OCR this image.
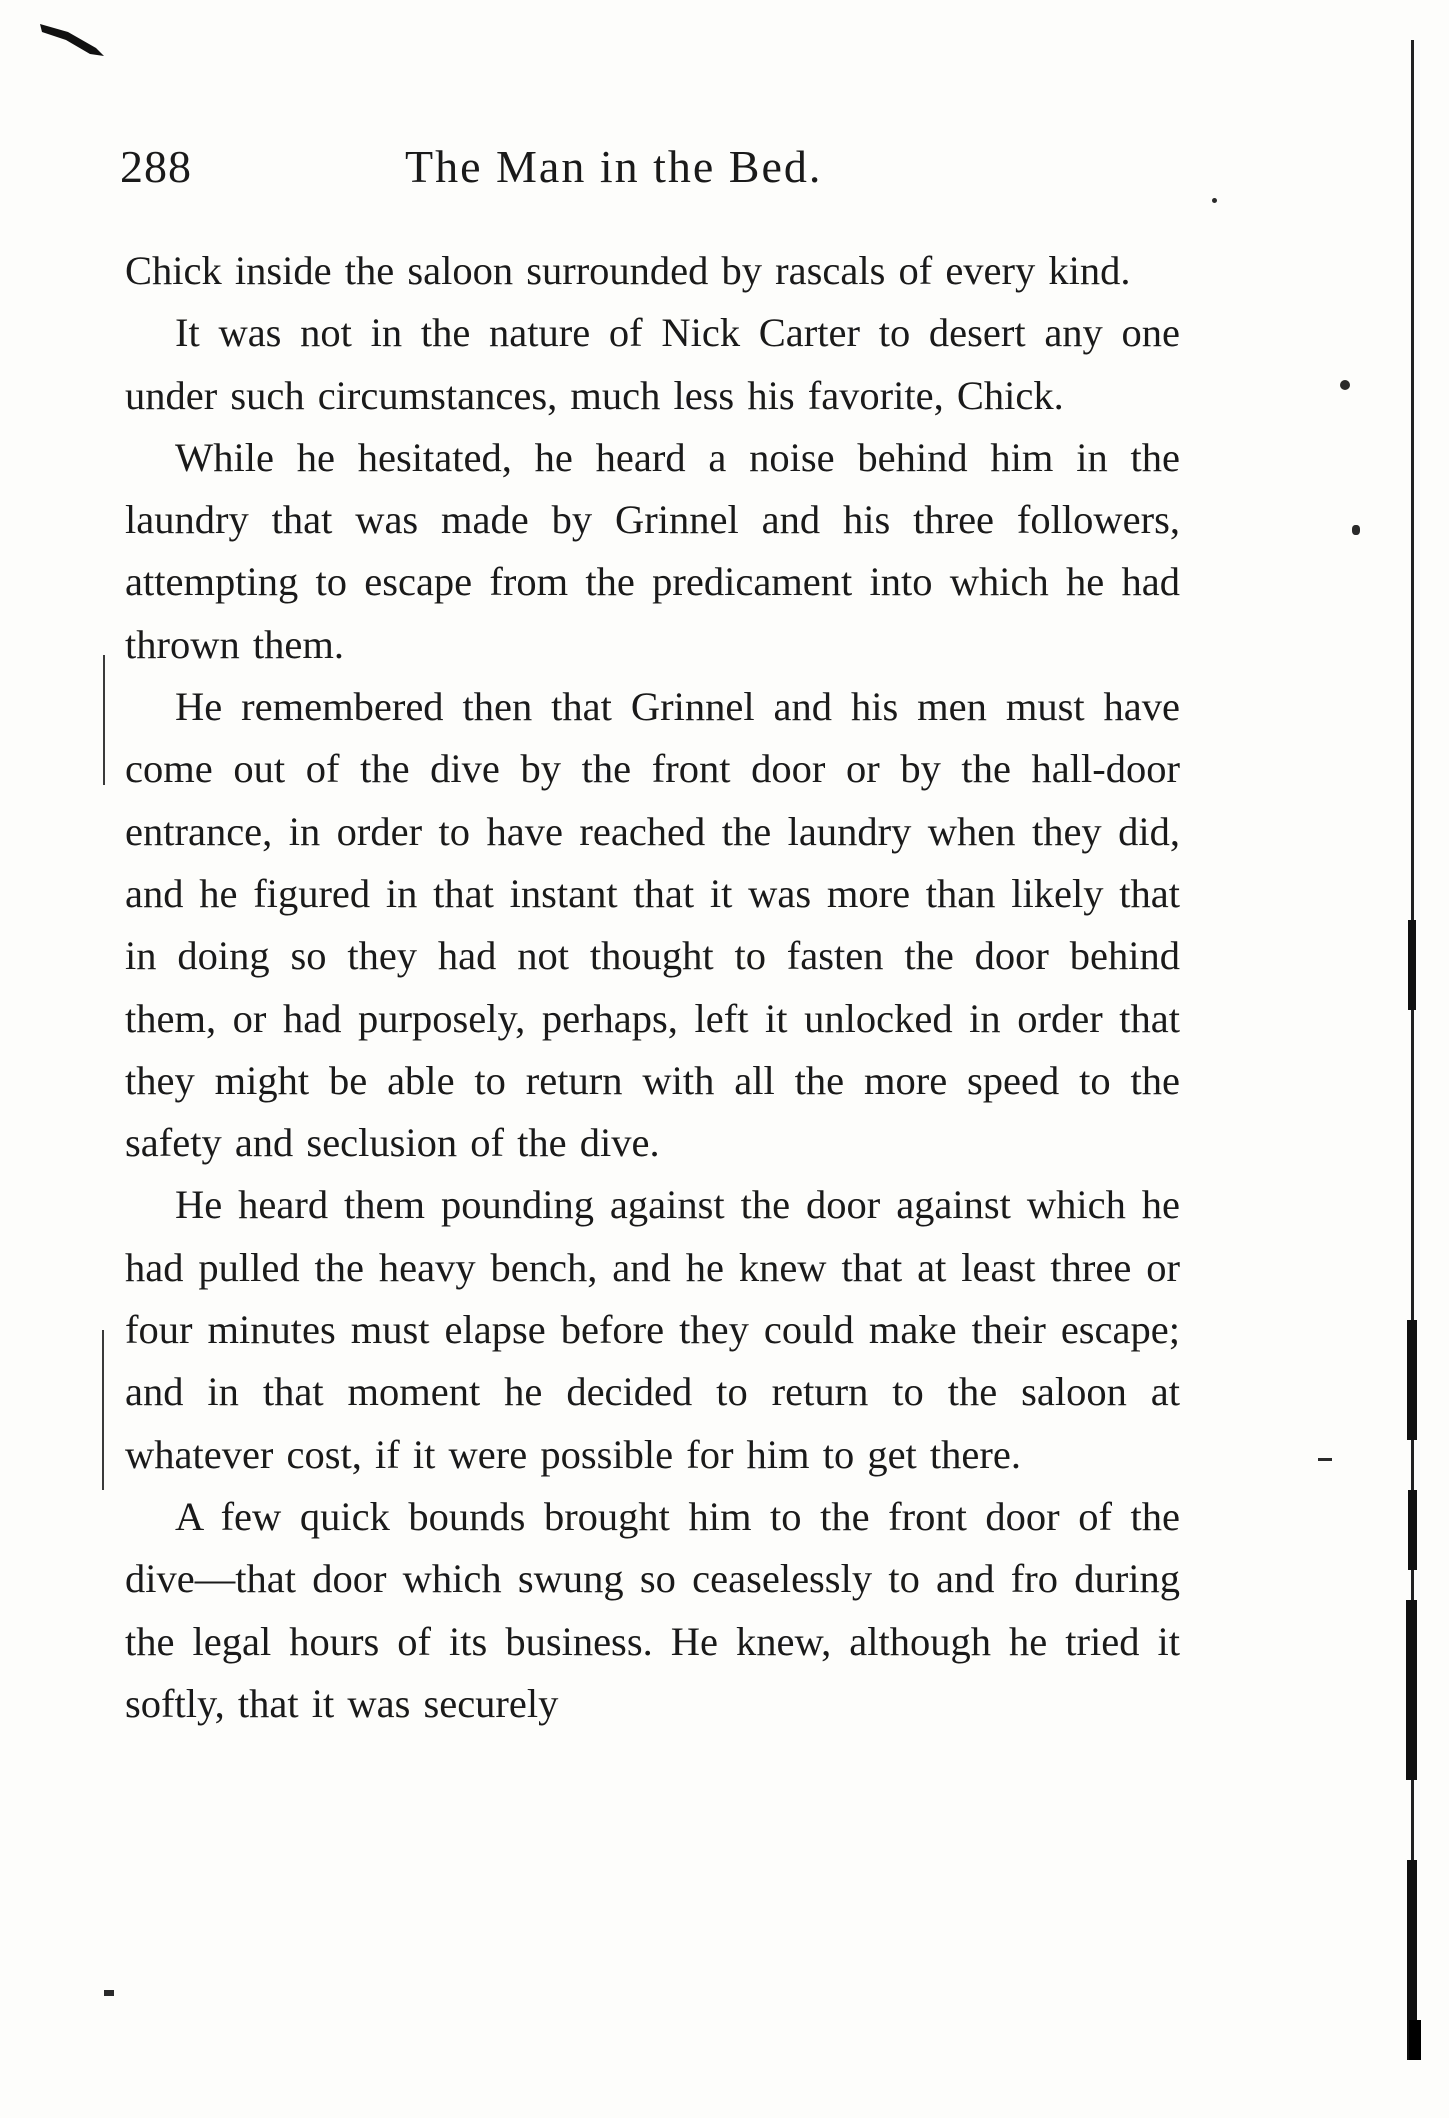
288	The Man in the Bed.

Chick inside the saloon surrounded by rascals of every kind.

It was not in the nature of Nick Carter to desert any one under such circumstances, much less his favorite, Chick.

While he hesitated, he heard a noise behind him in the laundry that was made by Grinnel and his three followers, attempting to escape from the predicament into which he had thrown them.

He remembered then that Grinnel and his men must have come out of the dive by the front door or by the hall-door entrance, in order to have reached the laundry when they did, and he figured in that instant that it was more than likely that in doing so they had not thought to fasten the door behind them, or had purposely, perhaps, left it unlocked in order that they might be able to return with all the more speed to the safety and seclusion of the dive.

He heard them pounding against the door against which he had pulled the heavy bench, and he knew that at least three or four minutes must elapse before they could make their escape; and in that moment he decided to return to the saloon at whatever cost, if it were possible for him to get there.

A few quick bounds brought him to the front door of the dive—that door which swung so ceaselessly to and fro during the legal hours of its business. He knew, although he tried it softly, that it was securely
